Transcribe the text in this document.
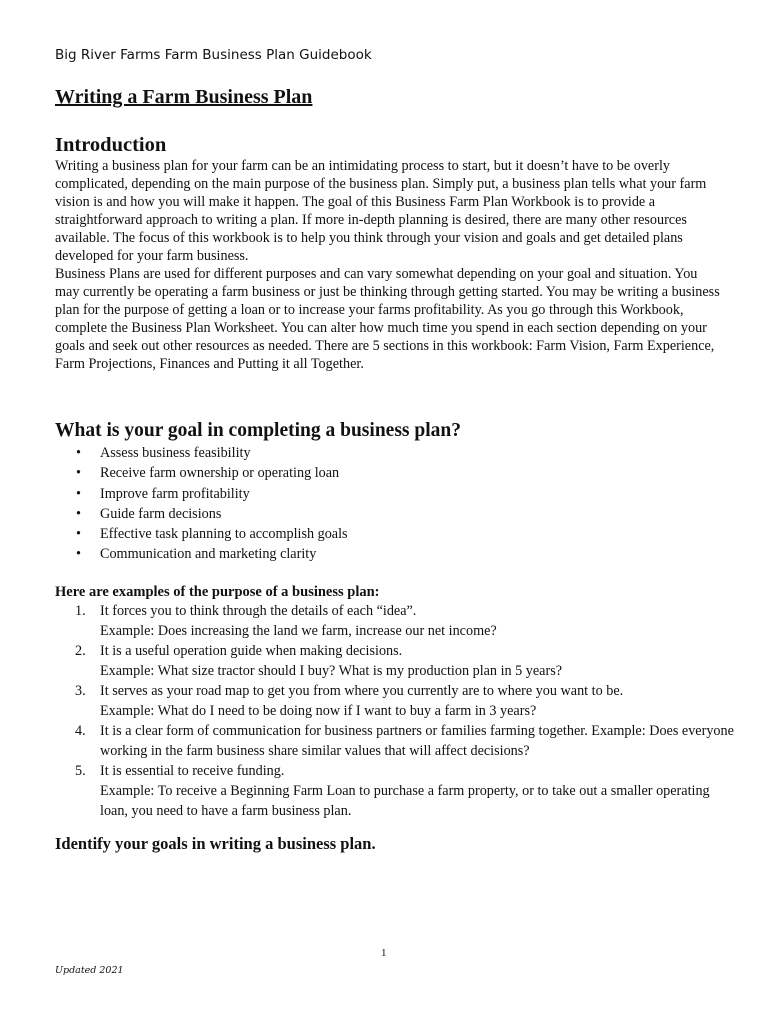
Big River Farms Farm Business Plan Guidebook
Writing a Farm Business Plan
Introduction

Writing a business plan for your farm can be an intimidating process to start, but it doesn’t have to be overly complicated, depending on the main purpose of the business plan. Simply put, a business plan tells what your farm vision is and how you will make it happen. The goal of this Business Farm Plan Workbook is to provide a straightforward approach to writing a plan. If more in-depth planning is desired, there are many other resources available. The focus of this workbook is to help you think through your vision and goals and get detailed plans developed for your farm business.

Business Plans are used for different purposes and can vary somewhat depending on your goal and situation. You may currently be operating a farm business or just be thinking through getting started. You may be writing a business plan for the purpose of getting a loan or to increase your farms profitability. As you go through this Workbook, complete the Business Plan Worksheet. You can alter how much time you spend in each section depending on your goals and seek out other resources as needed. There are 5 sections in this workbook: Farm Vision, Farm Experience, Farm Projections, Finances and Putting it all Together.

What is your goal in completing a business plan?
• Assess business feasibility
• Receive farm ownership or operating loan
• Improve farm profitability
• Guide farm decisions
• Effective task planning to accomplish goals
• Communication and marketing clarity
Here are examples of the purpose of a business plan:
1. It forces you to think through the details of each “idea”.
Example: Does increasing the land we farm, increase our net income?
2. It is a useful operation guide when making decisions.
Example: What size tractor should I buy? What is my production plan in 5 years?
3. It serves as your road map to get you from where you currently are to where you want to be.
Example: What do I need to be doing now if I want to buy a farm in 3 years?
4. It is a clear form of communication for business partners or families farming together. Example: Does everyone working in the farm business share similar values that will affect decisions?
5. It is essential to receive funding.
Example: To receive a Beginning Farm Loan to purchase a farm property, or to take out a smaller operating loan, you need to have a farm business plan.
Identify your goals in writing a business plan.
1
Updated 2021
